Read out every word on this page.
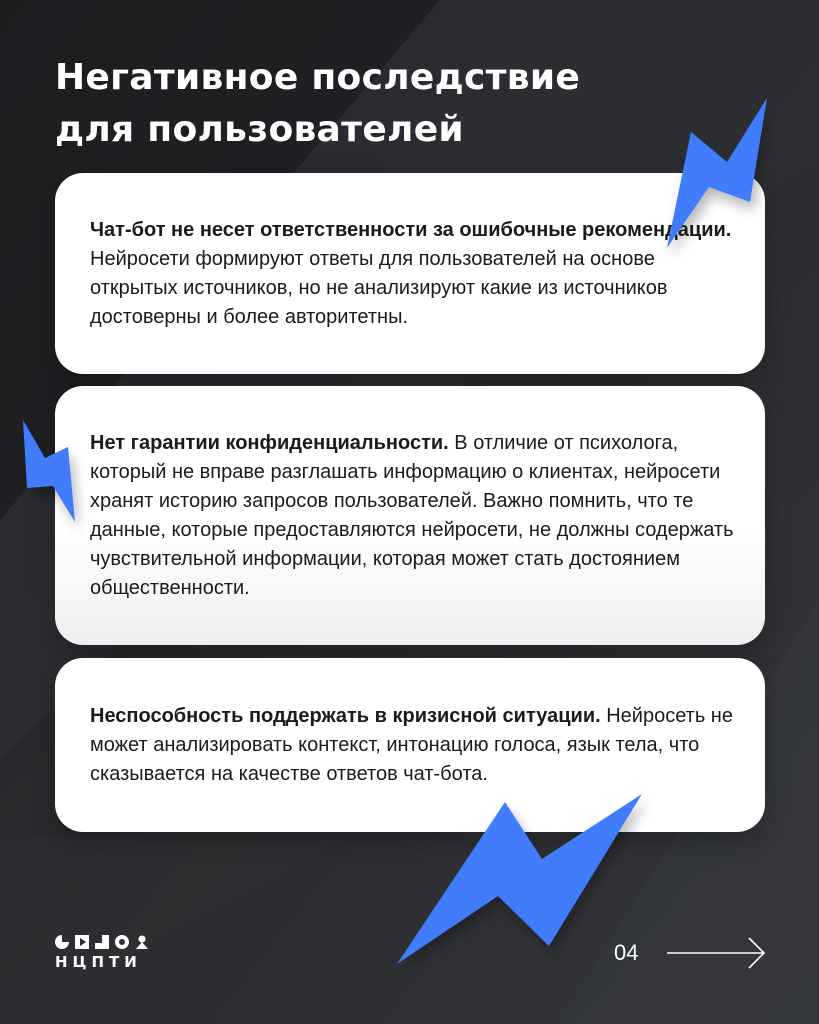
Негативное последствие
для пользователей

Чат-бот не несет ответственности за ошибочные рекомендации. Нейросети формируют ответы для пользователей на основе открытых источников, но не анализируют какие из источников достоверны и более авторитетны.

Нет гарантии конфиденциальности. В отличие от психолога, который не вправе разглашать информацию о клиентах, нейросети хранят историю запросов пользователей. Важно помнить, что те данные, которые предоставляются нейросети, не должны содержать чувствительной информации, которая может стать достоянием общественности.

Неспособность поддержать в кризисной ситуации. Нейросеть не может анализировать контекст, интонацию голоса, язык тела, что сказывается на качестве ответов чат-бота.

НЦПТИ	04
